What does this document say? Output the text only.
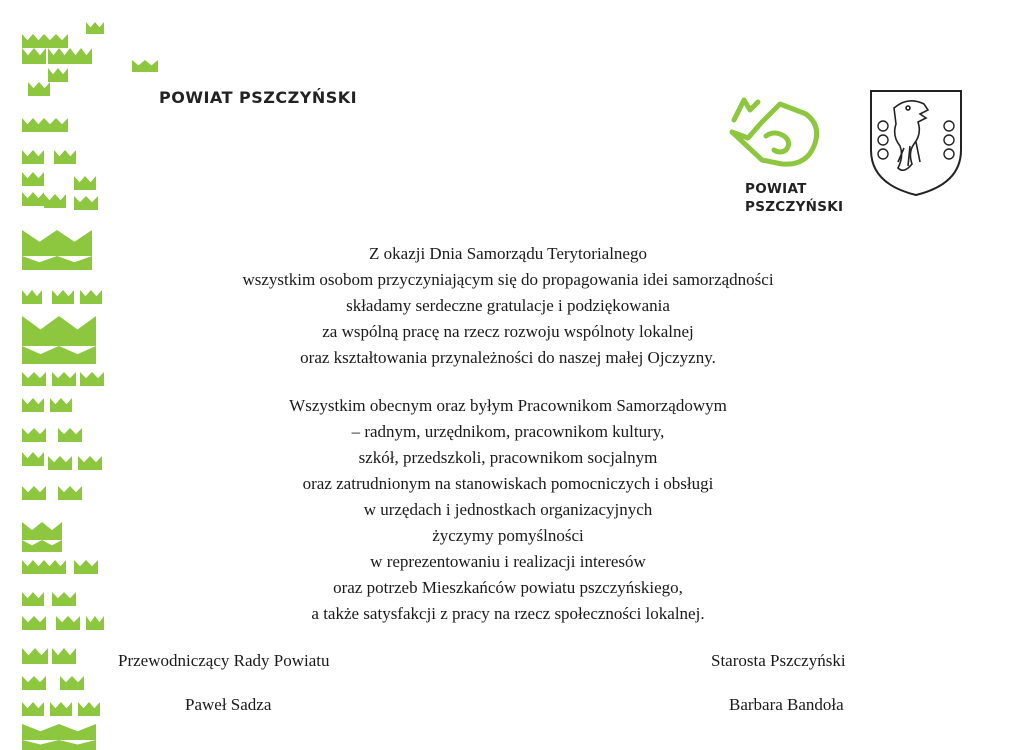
POWIAT PSZCZYŃSKI
POWIAT
PSZCZYŃSKI

Z okazji Dnia Samorządu Terytorialnego

wszystkim osobom przyczyniającym się do propagowania idei samorządności

składamy serdeczne gratulacje i podziękowania

za wspólną pracę na rzecz rozwoju wspólnoty lokalnej

oraz kształtowania przynależności do naszej małej Ojczyzny.

Wszystkim obecnym oraz byłym Pracownikom Samorządowym

– radnym, urzędnikom, pracownikom kultury,

szkół, przedszkoli, pracownikom socjalnym

oraz zatrudnionym na stanowiskach pomocniczych i obsługi

w urzędach i jednostkach organizacyjnych

życzymy pomyślności

w reprezentowaniu i realizacji interesów

oraz potrzeb Mieszkańców powiatu pszczyńskiego,

a także satysfakcji z pracy na rzecz społeczności lokalnej.

Przewodniczący Rady Powiatu
Paweł Sadza
Starosta Pszczyński
Barbara Bandoła
